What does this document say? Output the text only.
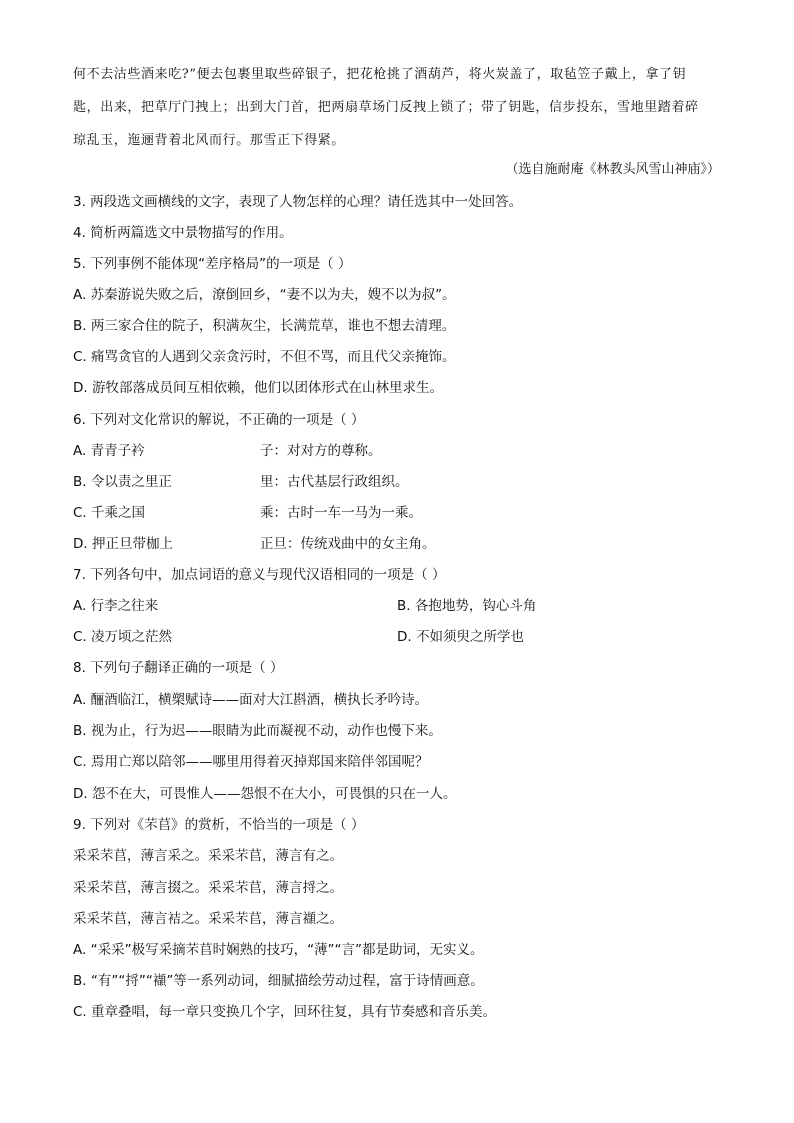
何不去沽些酒来吃?”便去包裹里取些碎银子，把花枪挑了酒葫芦，将火炭盖了，取毡笠子戴上，拿了钥
匙，出来，把草厅门拽上；出到大门首，把两扇草场门反拽上锁了；带了钥匙，信步投东，雪地里踏着碎
琼乱玉，迤逦背着北风而行。那雪正下得紧。
（选自施耐庵《林教头风雪山神庙》）
3. 两段选文画横线的文字，表现了人物怎样的心理？请任选其中一处回答。
4. 简析两篇选文中景物描写的作用。
5. 下列事例不能体现“差序格局”的一项是（ ）
A. 苏秦游说失败之后，潦倒回乡，“妻不以为夫，嫂不以为叔”。
B. 两三家合住的院子，积满灰尘，长满荒草，谁也不想去清理。
C. 痛骂贪官的人遇到父亲贪污时，不但不骂，而且代父亲掩饰。
D. 游牧部落成员间互相依赖，他们以团体形式在山林里求生。
6. 下列对文化常识的解说，不正确的一项是（ ）
A. 青青子衿	子：对对方的尊称。
B. 令以责之里正	里：古代基层行政组织。
C. 千乘之国	乘：古时一车一马为一乘。
D. 押正旦带枷上	正旦：传统戏曲中的女主角。
7. 下列各句中，加点词语的意义与现代汉语相同的一项是（ ）
A. 行李之往来	B. 各抱地势，钩心斗角
C. 凌万顷之茫然	D. 不如须臾之所学也
8. 下列句子翻译正确的一项是（ ）
A. 酾酒临江，横槊赋诗——面对大江斟酒，横执长矛吟诗。
B. 视为止，行为迟——眼睛为此而凝视不动，动作也慢下来。
C. 焉用亡郑以陪邻——哪里用得着灭掉郑国来陪伴邻国呢？
D. 怨不在大，可畏惟人——怨恨不在大小，可畏惧的只在一人。
9. 下列对《芣苢》的赏析，不恰当的一项是（ ）
采采芣苢，薄言采之。采采芣苢，薄言有之。
采采芣苢，薄言掇之。采采芣苢，薄言捋之。
采采芣苢，薄言袺之。采采芣苢，薄言襭之。
A. “采采”极写采摘芣苢时娴熟的技巧，“薄”“言”都是助词，无实义。
B. “有”“捋”“襭”等一系列动词，细腻描绘劳动过程，富于诗情画意。
C. 重章叠唱，每一章只变换几个字，回环往复，具有节奏感和音乐美。
